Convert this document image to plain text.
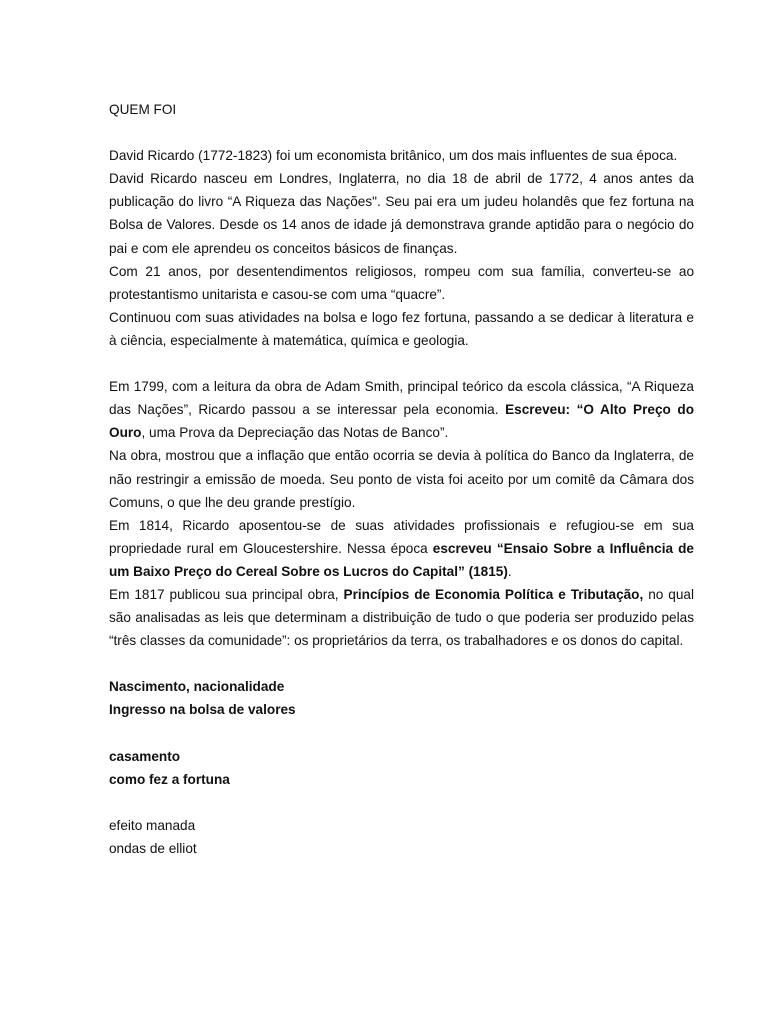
QUEM FOI

David Ricardo (1772-1823) foi um economista britânico, um dos mais influentes de sua época.

David Ricardo nasceu em Londres, Inglaterra, no dia 18 de abril de 1772, 4 anos antes da publicação do livro “A Riqueza das Nações". Seu pai era um judeu holandês que fez fortuna na Bolsa de Valores. Desde os 14 anos de idade já demonstrava grande aptidão para o negócio do pai e com ele aprendeu os conceitos básicos de finanças.

Com 21 anos, por desentendimentos religiosos, rompeu com sua família, converteu-se ao protestantismo unitarista e casou-se com uma “quacre”.

Continuou com suas atividades na bolsa e logo fez fortuna, passando a se dedicar à literatura e à ciência, especialmente à matemática, química e geologia.

Em 1799, com a leitura da obra de Adam Smith, principal teórico da escola clássica, “A Riqueza das Nações”, Ricardo passou a se interessar pela economia. Escreveu: “O Alto Preço do Ouro, uma Prova da Depreciação das Notas de Banco”.

Na obra, mostrou que a inflação que então ocorria se devia à política do Banco da Inglaterra, de não restringir a emissão de moeda. Seu ponto de vista foi aceito por um comitê da Câmara dos Comuns, o que lhe deu grande prestígio.

Em 1814, Ricardo aposentou-se de suas atividades profissionais e refugiou-se em sua propriedade rural em Gloucestershire. Nessa época escreveu “Ensaio Sobre a Influência de um Baixo Preço do Cereal Sobre os Lucros do Capital” (1815).

Em 1817 publicou sua principal obra, Princípios de Economia Política e Tributação, no qual são analisadas as leis que determinam a distribuição de tudo o que poderia ser produzido pelas “três classes da comunidade”: os proprietários da terra, os trabalhadores e os donos do capital.

Nascimento, nacionalidade

Ingresso na bolsa de valores

casamento

como fez a fortuna

efeito manada

ondas de elliot
